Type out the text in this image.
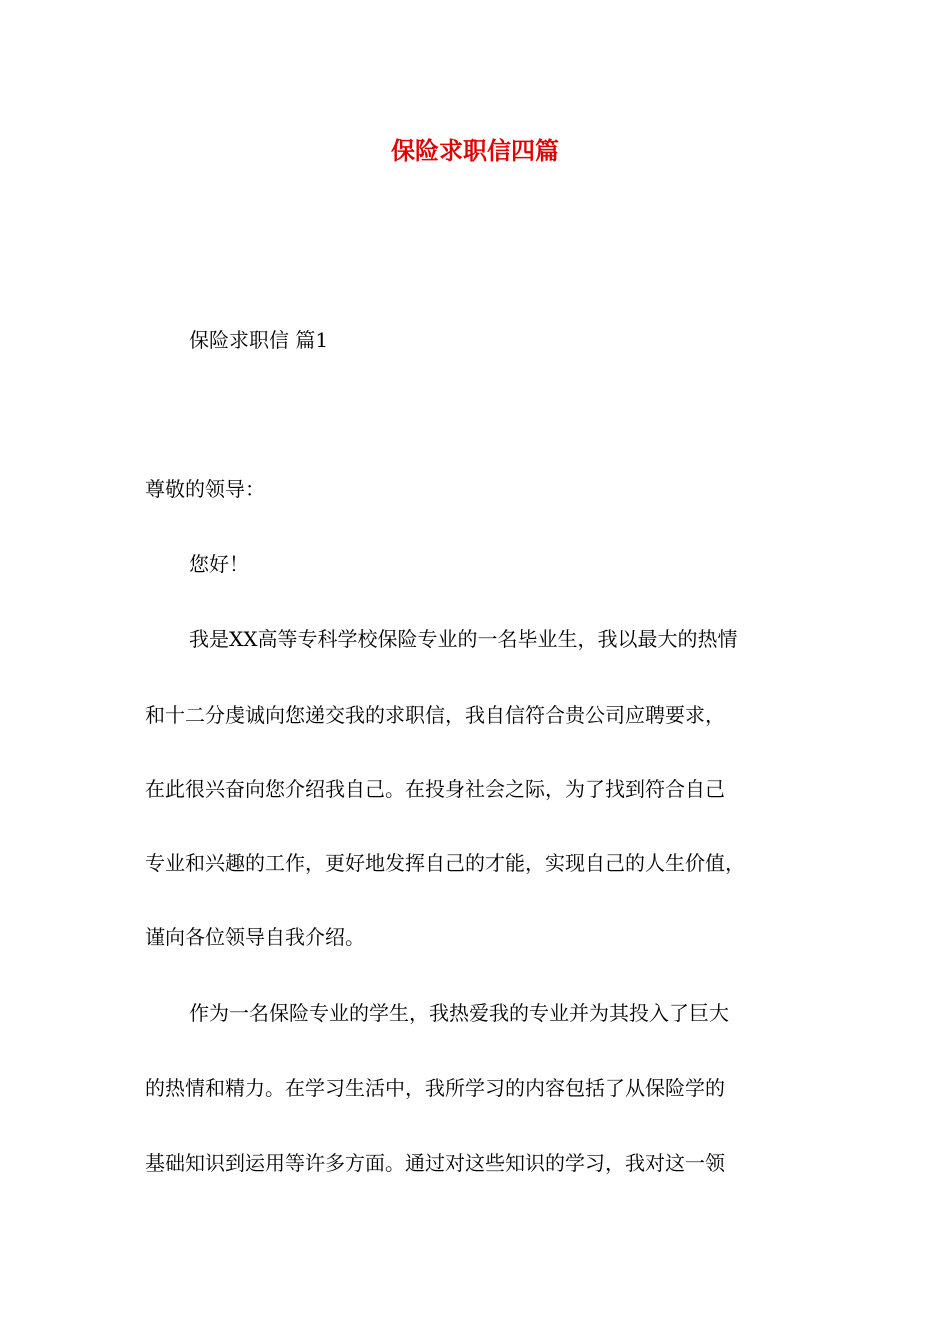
保险求职信四篇
保险求职信 篇1
尊敬的领导：
您好！
我是XX高等专科学校保险专业的一名毕业生，我以最大的热情
和十二分虔诚向您递交我的求职信，我自信符合贵公司应聘要求，
在此很兴奋向您介绍我自己。在投身社会之际，为了找到符合自己
专业和兴趣的工作，更好地发挥自己的才能，实现自己的人生价值，
谨向各位领导自我介绍。
作为一名保险专业的学生，我热爱我的专业并为其投入了巨大
的热情和精力。在学习生活中，我所学习的内容包括了从保险学的
基础知识到运用等许多方面。通过对这些知识的学习，我对这一领
